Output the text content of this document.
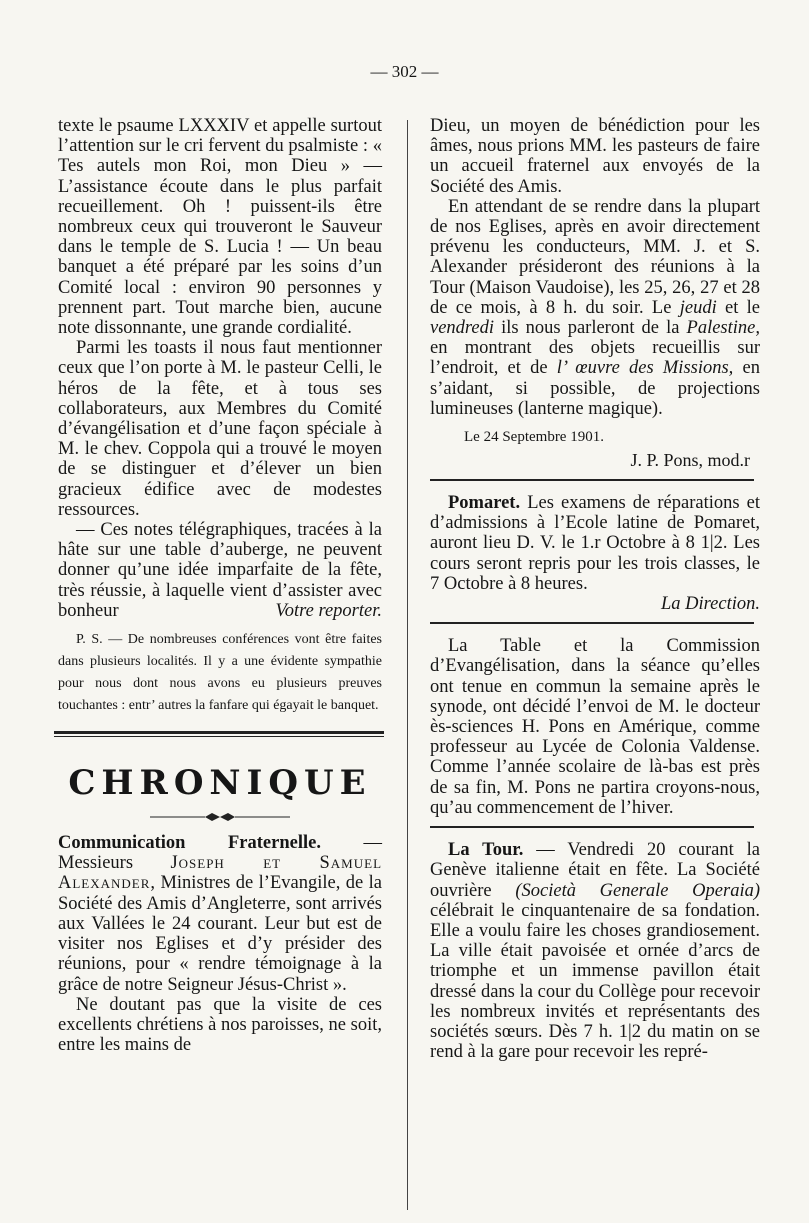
— 302 —

texte le psaume LXXXIV et appelle surtout l’attention sur le cri fervent du psalmiste : « Tes autels mon Roi, mon Dieu » — L’assistance écoute dans le plus parfait recueillement. Oh ! puissent-ils être nombreux ceux qui trouveront le Sauveur dans le temple de S. Lucia ! — Un beau banquet a été préparé par les soins d’un Comité local : environ 90 personnes y prennent part. Tout marche bien, aucune note dissonnante, une grande cordialité.

Parmi les toasts il nous faut mentionner ceux que l’on porte à M. le pasteur Celli, le héros de la fête, et à tous ses collaborateurs, aux Membres du Comité d’évangélisation et d’une façon spéciale à M. le chev. Coppola qui a trouvé le moyen de se distinguer et d’élever un bien gracieux édifice avec de modestes ressources.

— Ces notes télégraphiques, tracées à la hâte sur une table d’auberge, ne peuvent donner qu’une idée imparfaite de la fête, très réussie, à laquelle vient d’assister avec bonheur	Votre reporter.

P. S. — De nombreuses conférences vont être faites dans plusieurs localités. Il y a une évidente sympathie pour nous dont nous avons eu plusieurs preuves touchantes : entr’ autres la fanfare qui égayait le banquet.

CHRONIQUE

Communication Fraternelle. — Messieurs Joseph et Samuel Alexander, Ministres de l’Evangile, de la Société des Amis d’Angleterre, sont arrivés aux Vallées le 24 courant. Leur but est de visiter nos Eglises et d’y présider des réunions, pour « rendre témoignage à la grâce de notre Seigneur Jésus-Christ ».

Ne doutant pas que la visite de ces excellents chrétiens à nos paroisses, ne soit, entre les mains de

Dieu, un moyen de bénédiction pour les âmes, nous prions MM. les pasteurs de faire un accueil fraternel aux envoyés de la Société des Amis.

En attendant de se rendre dans la plupart de nos Eglises, après en avoir directement prévenu les conducteurs, MM. J. et S. Alexander présideront des réunions à la Tour (Maison Vaudoise), les 25, 26, 27 et 28 de ce mois, à 8 h. du soir. Le jeudi et le vendredi ils nous parleront de la Palestine, en montrant des objets recueillis sur l’endroit, et de l’ œuvre des Missions, en s’aidant, si possible, de projections lumineuses (lanterne magique).

Le 24 Septembre 1901.

J. P. Pons, mod.r

Pomaret. Les examens de réparations et d’admissions à l’Ecole latine de Pomaret, auront lieu D. V. le 1.r Octobre à 8 1|2. Les cours seront repris pour les trois classes, le 7 Octobre à 8 heures.

La Direction.

La Table et la Commission d’Evangélisation, dans la séance qu’elles ont tenue en commun la semaine après le synode, ont décidé l’envoi de M. le docteur ès-sciences H. Pons en Amérique, comme professeur au Lycée de Colonia Valdense. Comme l’année scolaire de là-bas est près de sa fin, M. Pons ne partira croyons-nous, qu’au commencement de l’hiver.

La Tour. — Vendredi 20 courant la Genève italienne était en fête. La Société ouvrière (Società Generale Operaia) célébrait le cinquantenaire de sa fondation. Elle a voulu faire les choses grandiosement. La ville était pavoisée et ornée d’arcs de triomphe et un immense pavillon était dressé dans la cour du Collège pour recevoir les nombreux invités et représentants des sociétés sœurs. Dès 7 h. 1|2 du matin on se rend à la gare pour recevoir les repré-
